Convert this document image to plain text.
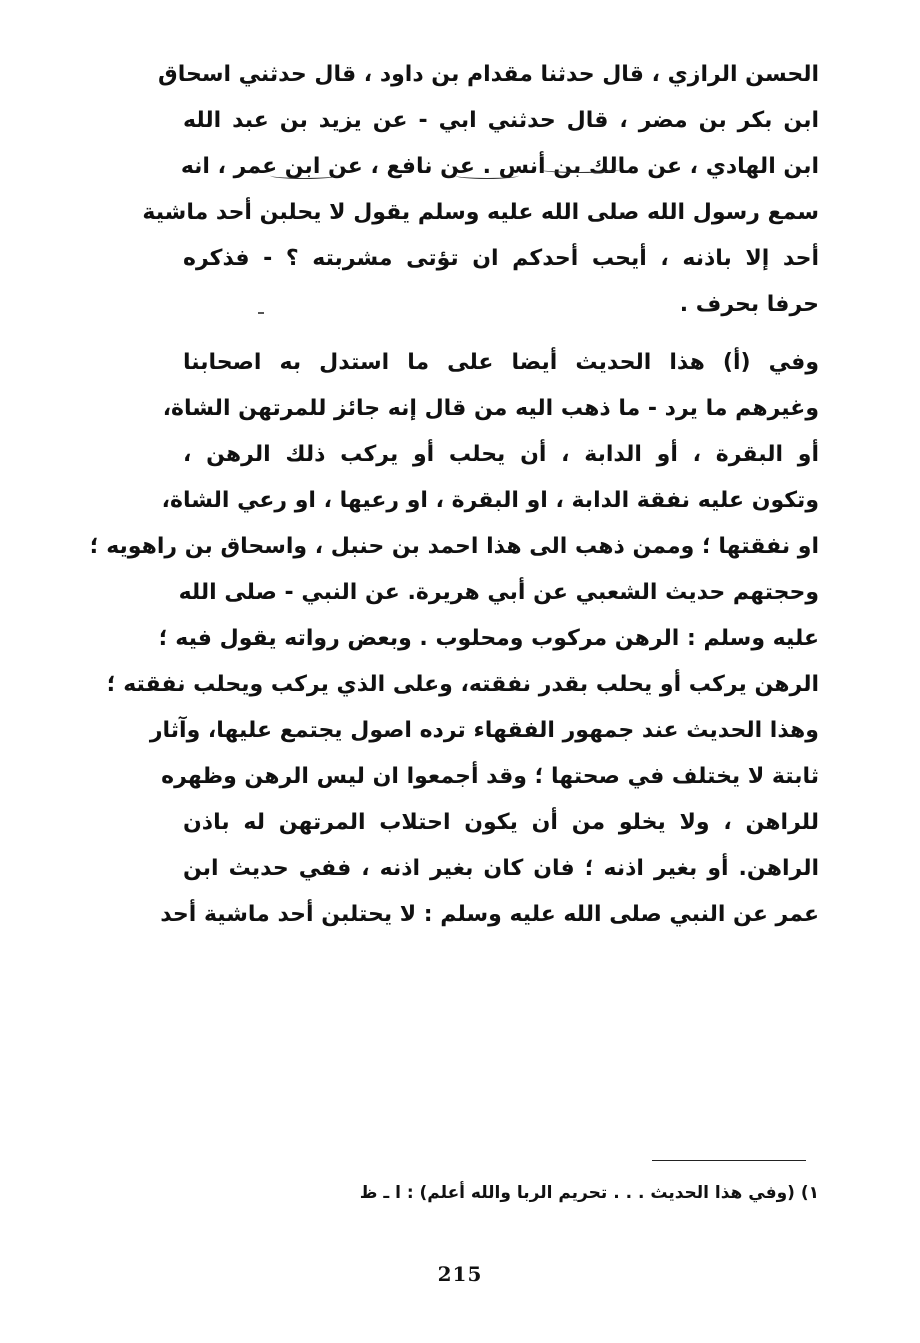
الحسن الرازي ، قال حدثنا مقدام بن داود ، قال حدثني اسحاق
ابن بكر بن مضر ، قال حدثني ابي - عن يزيد بن عبد الله
ابن الهادي ، عن مالك بن أنس . عن نافع ، عن ابن عمر ، انه
سمع رسول الله صلى الله عليه وسلم يقول لا يحلبن أحد ماشية
أحد إلا باذنه ، أيحب أحدكم ان تؤتى مشربته ؟ - فذكره
حرفا بحرف .
وفي (أ) هذا الحديث أيضا على ما استدل به اصحابنا
وغيرهم ما يرد - ما ذهب اليه من قال إنه جائز للمرتهن الشاة،
أو البقرة ، أو الدابة ، أن يحلب أو يركب ذلك الرهن ،
وتكون عليه نفقة الدابة ، او البقرة ، او رعيها ، او رعي الشاة،
او نفقتها ؛ وممن ذهب الى هذا احمد بن حنبل ، واسحاق بن راهويه ؛
وحجتهم حديث الشعبي عن أبي هريرة. عن النبي - صلى الله
عليه وسلم : الرهن مركوب ومحلوب . وبعض رواته يقول فيه ؛
الرهن يركب أو يحلب بقدر نفقته، وعلى الذي يركب ويحلب نفقته ؛
وهذا الحديث عند جمهور الفقهاء ترده اصول يجتمع عليها، وآثار
ثابتة لا يختلف في صحتها ؛ وقد أجمعوا ان ليس الرهن وظهره
للراهن ، ولا يخلو من أن يكون احتلاب المرتهن له باذن
الراهن. أو بغير اذنه ؛ فان كان بغير اذنه ، ففي حديث ابن
عمر عن النبي صلى الله عليه وسلم : لا يحتلبن أحد ماشية أحد
١) (وفي هذا الحديث . . . تحريم الربا والله أعلم) : ا ـ ظ
215
